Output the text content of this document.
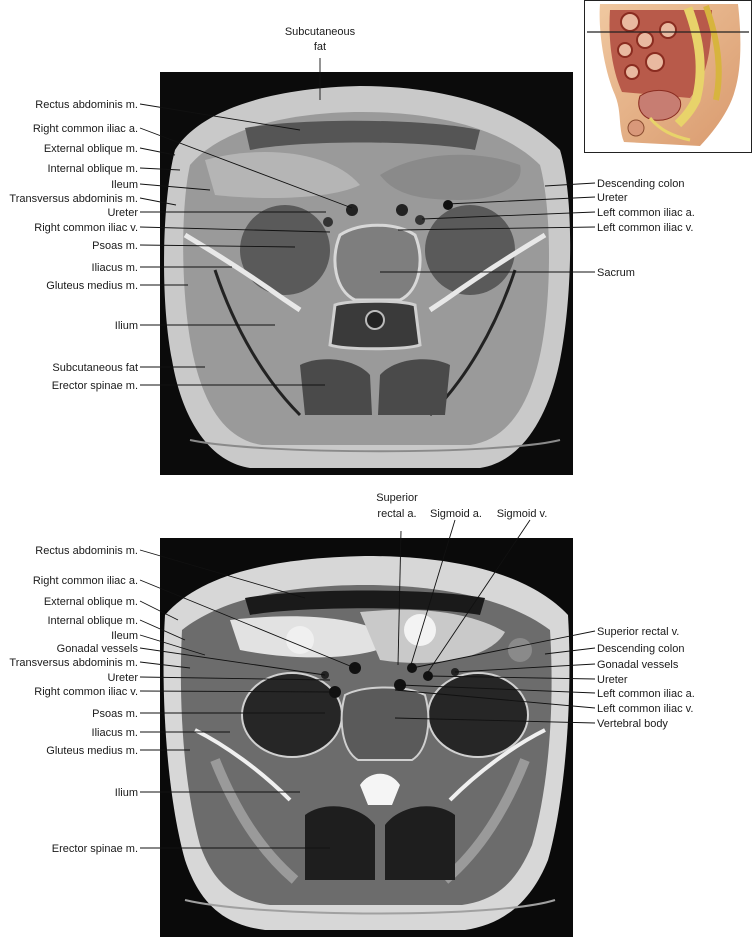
Subcutaneous
fat
Rectus abdominis m.
Right common iliac a.
External oblique m.
Internal oblique m.
Ileum
Transversus abdominis m.
Ureter
Right common iliac v.
Psoas m.
Iliacus m.
Gluteus medius m.
Ilium
Subcutaneous fat
Erector spinae m.
Descending colon
Ureter
Left common iliac a.
Left common iliac v.
Sacrum
Superior
rectal a. Sigmoid a. Sigmoid v.
Rectus abdominis m.
Right common iliac a.
External oblique m.
Internal oblique m.
Ileum
Gonadal vessels
Transversus abdominis m.
Ureter
Right common iliac v.
Psoas m.
Iliacus m.
Gluteus medius m.
Ilium
Erector spinae m.
Superior rectal v.
Descending colon
Gonadal vessels
Ureter
Left common iliac a.
Left common iliac v.
Vertebral body
